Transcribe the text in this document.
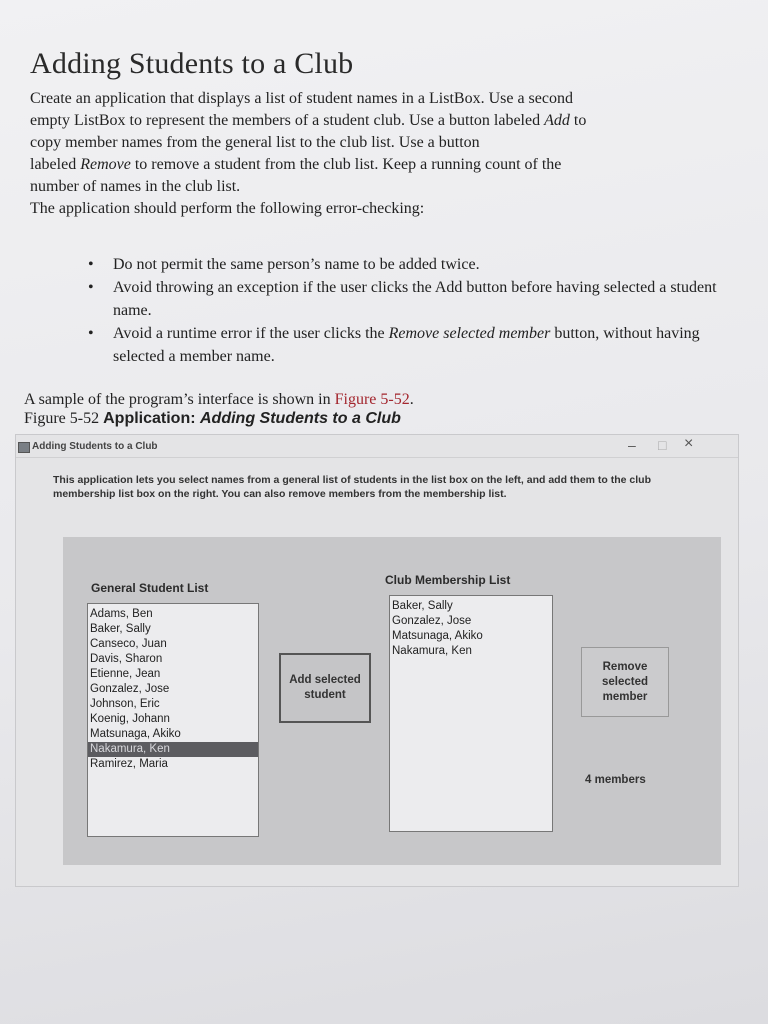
Adding Students to a Club

Create an application that displays a list of student names in a ListBox. Use a second

empty ListBox to represent the members of a student club. Use a button labeled Add to

copy member names from the general list to the club list. Use a button

labeled Remove to remove a student from the club list. Keep a running count of the

number of names in the club list.

The application should perform the following error-checking:

• Do not permit the same person’s name to be added twice.
• Avoid throwing an exception if the user clicks the Add button before having selected a student name.
• Avoid a runtime error if the user clicks the Remove selected member button, without having selected a member name.
A sample of the program’s interface is shown in Figure 5-52.
Figure 5-52 Application: Adding Students to a Club
Adding Students to a Club	– □ ×
This application lets you select names from a general list of students in the list box on the left, and add them to the club membership list box on the right. You can also remove members from the membership list.
General Student List
Adams, Ben
Baker, Sally
Canseco, Juan
Davis, Sharon
Etienne, Jean
Gonzalez, Jose
Johnson, Eric
Koenig, Johann
Matsunaga, Akiko
Nakamura, Ken
Ramirez, Maria
Add selected student
Club Membership List
Baker, Sally
Gonzalez, Jose
Matsunaga, Akiko
Nakamura, Ken
Remove selected member
4 members
